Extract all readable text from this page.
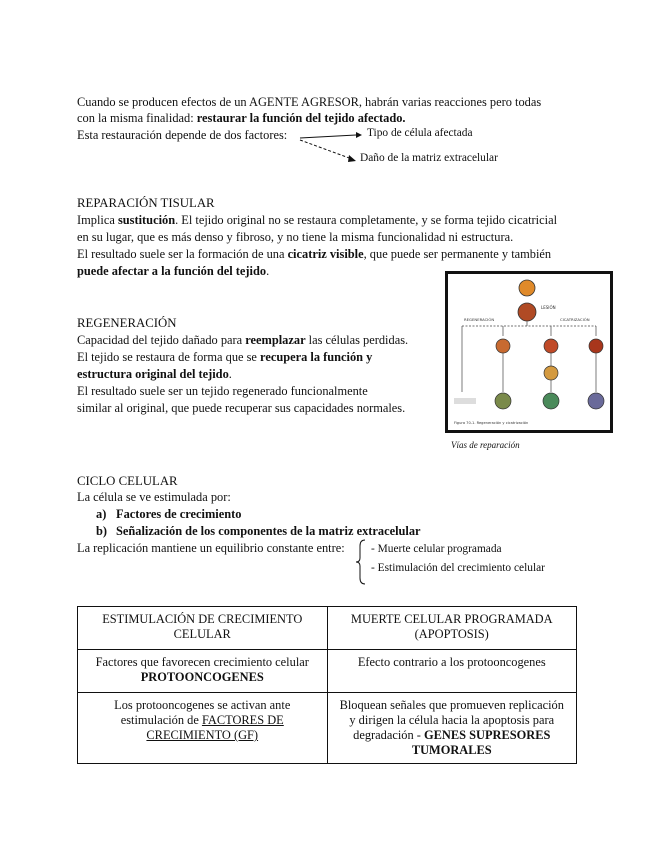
Cuando se producen efectos de un AGENTE AGRESOR, habrán varias reacciones pero todas
con la misma finalidad: restaurar la función del tejido afectado.
Esta restauración depende de dos factores:	Tipo de célula afectada
Daño de la matriz extracelular
REPARACIÓN TISULAR
Implica sustitución. El tejido original no se restaura completamente, y se forma tejido cicatricial
en su lugar, que es más denso y fibroso, y no tiene la misma funcionalidad ni estructura.
El resultado suele ser la formación de una cicatriz visible, que puede ser permanente y también
puede afectar a la función del tejido.
REGENERACIÓN
Capacidad del tejido dañado para reemplazar las células perdidas.
El tejido se restaura de forma que se recupera la función y
estructura original del tejido.
El resultado suele ser un tejido regenerado funcionalmente
similar al original, que puede recuperar sus capacidades normales.
LESIÓN
REGENERACIÓN	CICATRIZACIÓN
Figura 70-1. Regeneración y cicatrización
Vías de reparación
CICLO CELULAR
La célula se ve estimulada por:
a) Factores de crecimiento
b) Señalización de los componentes de la matriz extracelular
La replicación mantiene un equilibrio constante entre: - Muerte celular programada
- Estimulación del crecimiento celular
ESTIMULACIÓN DE CRECIMIENTO CELULAR	MUERTE CELULAR PROGRAMADA (APOPTOSIS)
Factores que favorecen crecimiento celular
PROTOONCOGENES	Efecto contrario a los protooncogenes
Los protooncogenes se activan ante estimulación de FACTORES DE CRECIMIENTO (GF)	Bloquean señales que promueven replicación y dirigen la célula hacia la apoptosis para degradación - GENES SUPRESORES TUMORALES
